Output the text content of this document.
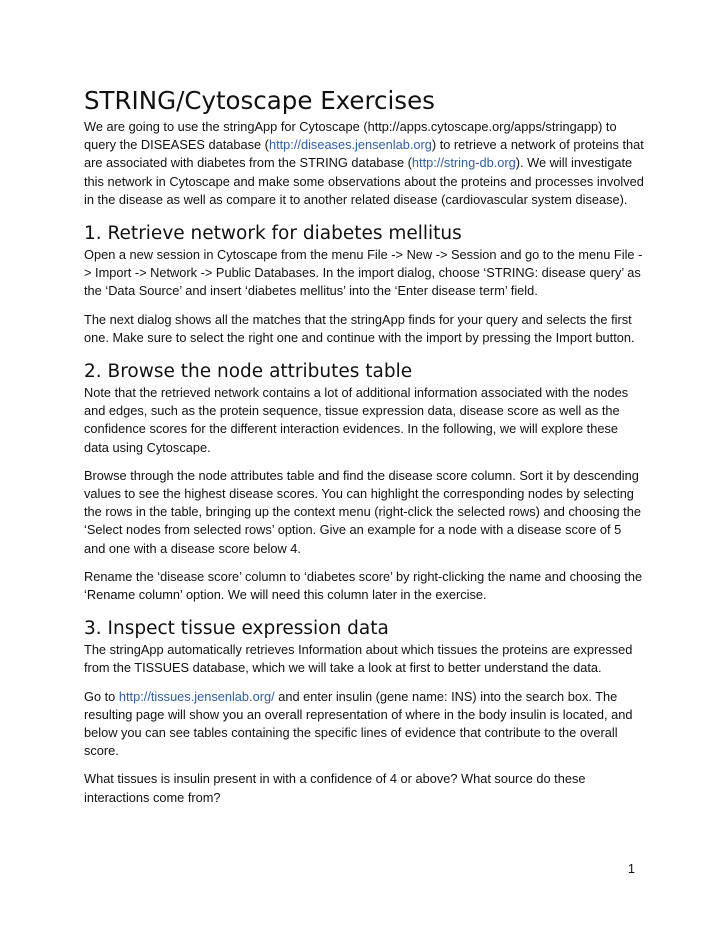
STRING/Cytoscape Exercises

We are going to use the stringApp for Cytoscape (http://apps.cytoscape.org/apps/stringapp) to query the DISEASES database (http://diseases.jensenlab.org) to retrieve a network of proteins that are associated with diabetes from the STRING database (http://string-db.org). We will investigate this network in Cytoscape and make some observations about the proteins and processes involved in the disease as well as compare it to another related disease (cardiovascular system disease).

1. Retrieve network for diabetes mellitus

Open a new session in Cytoscape from the menu File -> New -> Session and go to the menu File -> Import -> Network -> Public Databases. In the import dialog, choose ‘STRING: disease query’ as the ‘Data Source’ and insert ‘diabetes mellitus’ into the ‘Enter disease term’ field.

The next dialog shows all the matches that the stringApp finds for your query and selects the first one. Make sure to select the right one and continue with the import by pressing the Import button.

2. Browse the node attributes table

Note that the retrieved network contains a lot of additional information associated with the nodes and edges, such as the protein sequence, tissue expression data, disease score as well as the confidence scores for the different interaction evidences. In the following, we will explore these data using Cytoscape.

Browse through the node attributes table and find the disease score column. Sort it by descending values to see the highest disease scores. You can highlight the corresponding nodes by selecting the rows in the table, bringing up the context menu (right-click the selected rows) and choosing the ‘Select nodes from selected rows’ option. Give an example for a node with a disease score of 5 and one with a disease score below 4.

Rename the ‘disease score’ column to ‘diabetes score’ by right-clicking the name and choosing the ‘Rename column’ option. We will need this column later in the exercise.

3. Inspect tissue expression data

The stringApp automatically retrieves Information about which tissues the proteins are expressed from the TISSUES database, which we will take a look at first to better understand the data.

Go to http://tissues.jensenlab.org/ and enter insulin (gene name: INS) into the search box. The resulting page will show you an overall representation of where in the body insulin is located, and below you can see tables containing the specific lines of evidence that contribute to the overall score.

What tissues is insulin present in with a confidence of 4 or above? What source do these interactions come from?

1
